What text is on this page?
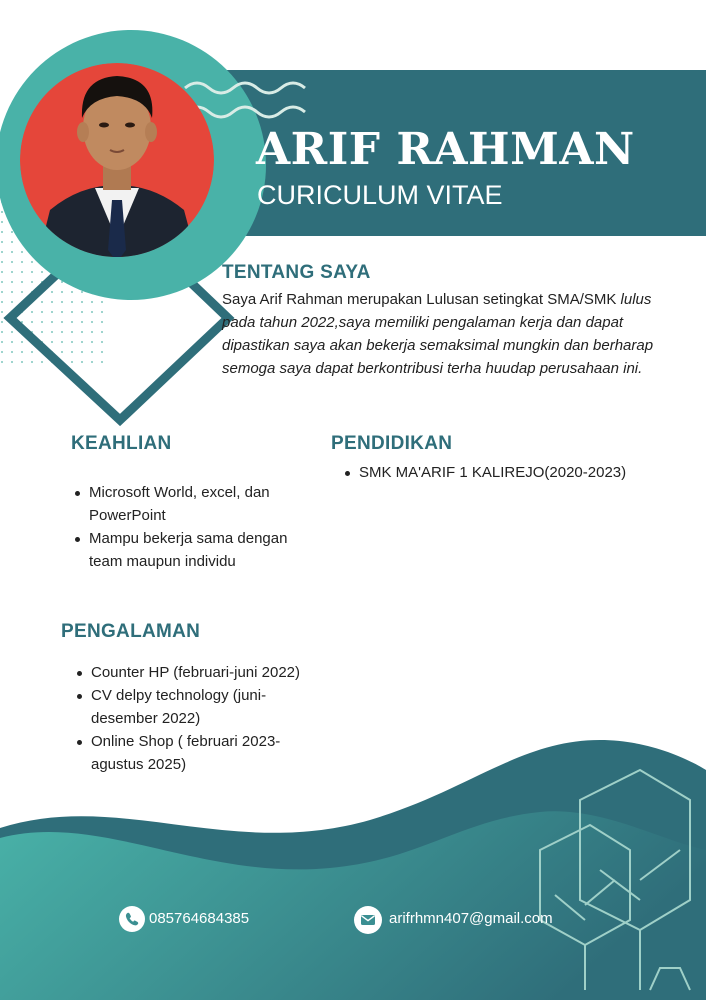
ARIF RAHMAN
CURICULUM VITAE
TENTANG SAYA
Saya Arif Rahman merupakan Lulusan setingkat SMA/SMK lulus pada tahun 2022,saya memiliki pengalaman kerja dan dapat dipastikan saya akan bekerja semaksimal mungkin dan berharap semoga saya dapat berkontribusi terha huudap perusahaan ini.
KEAHLIAN
Microsoft World, excel, dan PowerPoint
Mampu bekerja sama dengan team maupun individu
PENDIDIKAN
SMK MA'ARIF 1 KALIREJO(2020-2023)
PENGALAMAN
Counter HP (februari-juni 2022)
CV delpy technology (juni-desember 2022)
Online Shop ( februari 2023-agustus 2025)
085764684385	arifrhmn407@gmail.com
